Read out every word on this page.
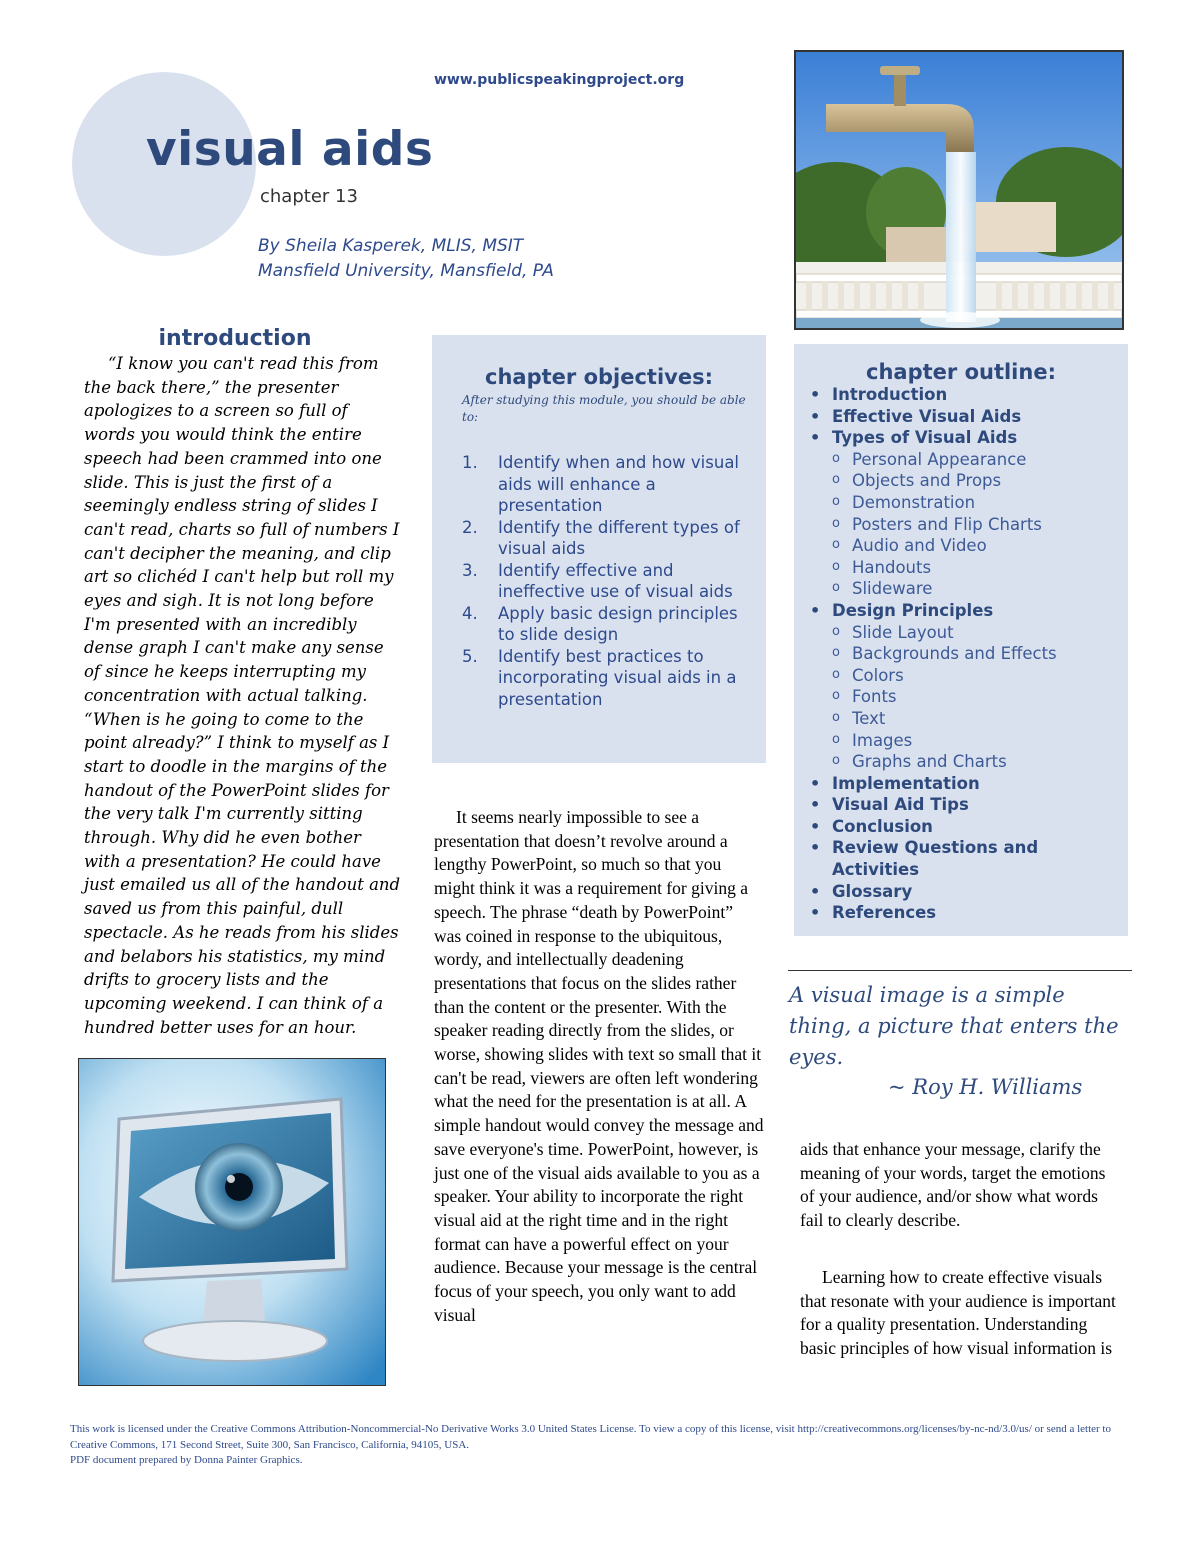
www.publicspeakingproject.org
visual aids
chapter 13
By Sheila Kasperek, MLIS, MSIT
Mansfield University, Mansfield, PA
introduction
“I know you can't read this from the back there,” the presenter apologizes to a screen so full of words you would think the entire speech had been crammed into one slide. This is just the first of a seemingly endless string of slides I can't read, charts so full of numbers I can't decipher the meaning, and clip art so clichéd I can't help but roll my eyes and sigh. It is not long before I'm presented with an incredibly dense graph I can't make any sense of since he keeps interrupting my concentration with actual talking. “When is he going to come to the point already?” I think to myself as I start to doodle in the margins of the handout of the PowerPoint slides for the very talk I'm currently sitting through. Why did he even bother with a presentation? He could have just emailed us all of the handout and saved us from this painful, dull spectacle. As he reads from his slides and belabors his statistics, my mind drifts to grocery lists and the upcoming weekend. I can think of a hundred better uses for an hour.
chapter objectives:
After studying this module, you should be able to:
1. Identify when and how visual aids will enhance a presentation
2. Identify the different types of visual aids
3. Identify effective and ineffective use of visual aids
4. Apply basic design principles to slide design
5. Identify best practices to incorporating visual aids in a presentation
chapter outline:
• Introduction
• Effective Visual Aids
• Types of Visual Aids
o Personal Appearance
o Objects and Props
o Demonstration
o Posters and Flip Charts
o Audio and Video
o Handouts
o Slideware
• Design Principles
o Slide Layout
o Backgrounds and Effects
o Colors
o Fonts
o Text
o Images
o Graphs and Charts
• Implementation
• Visual Aid Tips
• Conclusion
• Review Questions and Activities
• Glossary
• References
A visual image is a simple thing, a picture that enters the eyes.
~ Roy H. Williams
It seems nearly impossible to see a presentation that doesn’t revolve around a lengthy PowerPoint, so much so that you might think it was a requirement for giving a speech. The phrase “death by PowerPoint” was coined in response to the ubiquitous, wordy, and intellectually deadening presentations that focus on the slides rather than the content or the presenter. With the speaker reading directly from the slides, or worse, showing slides with text so small that it can't be read, viewers are often left wondering what the need for the presentation is at all. A simple handout would convey the message and save everyone's time. PowerPoint, however, is just one of the visual aids available to you as a speaker. Your ability to incorporate the right visual aid at the right time and in the right format can have a powerful effect on your audience. Because your message is the central focus of your speech, you only want to add visual
aids that enhance your message, clarify the meaning of your words, target the emotions of your audience, and/or show what words fail to clearly describe.
Learning how to create effective visuals that resonate with your audience is important for a quality presentation. Understanding basic principles of how visual information is
This work is licensed under the Creative Commons Attribution-Noncommercial-No Derivative Works 3.0 United States License. To view a copy of this license, visit http://creativecommons.org/licenses/by-nc-nd/3.0/us/ or send a letter to Creative Commons, 171 Second Street, Suite 300, San Francisco, California, 94105, USA.
PDF document prepared by Donna Painter Graphics.
